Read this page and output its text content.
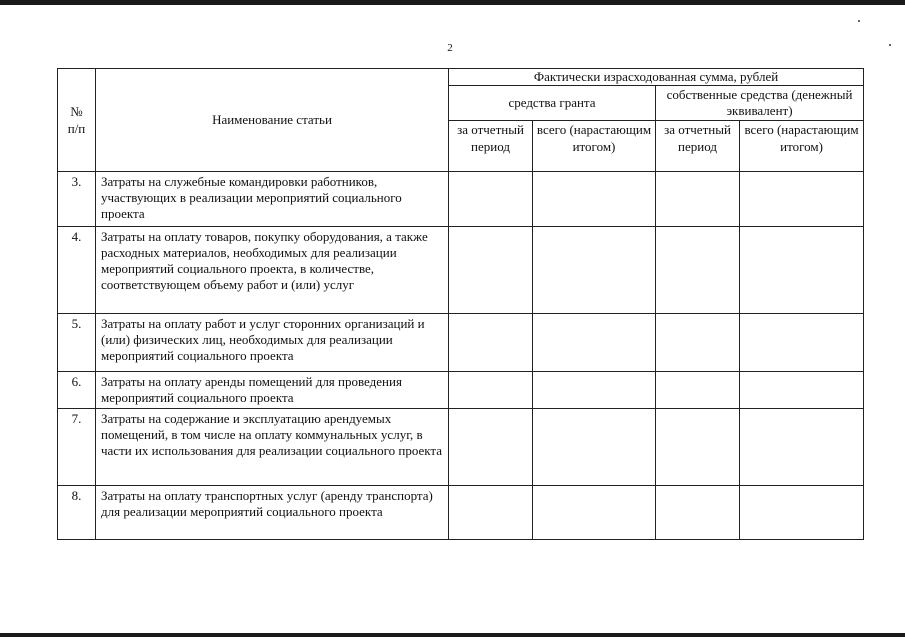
2
№
п/п	Наименование статьи	Фактически израсходованная сумма, рублей			
		средства гранта		собственные средства (денежный эквивалент)	
		за отчетный период	всего (нарастающим итогом)	за отчетный период	всего (нарастающим итогом)
3.	Затраты на служебные командировки работников, участвующих в реализации мероприятий социального проекта				
4.	Затраты на оплату товаров, покупку оборудования, а также расходных материалов, необходимых для реализации мероприятий социального проекта, в количестве, соответствующем объему работ и (или) услуг				
5.	Затраты на оплату работ и услуг сторонних организаций и (или) физических лиц, необходимых для реализации мероприятий социального проекта				
6.	Затраты на оплату аренды помещений для проведения мероприятий социального проекта				
7.	Затраты на содержание и эксплуатацию арендуемых помещений, в том числе на оплату коммунальных услуг, в части их использования для реализации социального проекта				
8.	Затраты на оплату транспортных услуг (аренду транспорта) для реализации мероприятий социального проекта				
